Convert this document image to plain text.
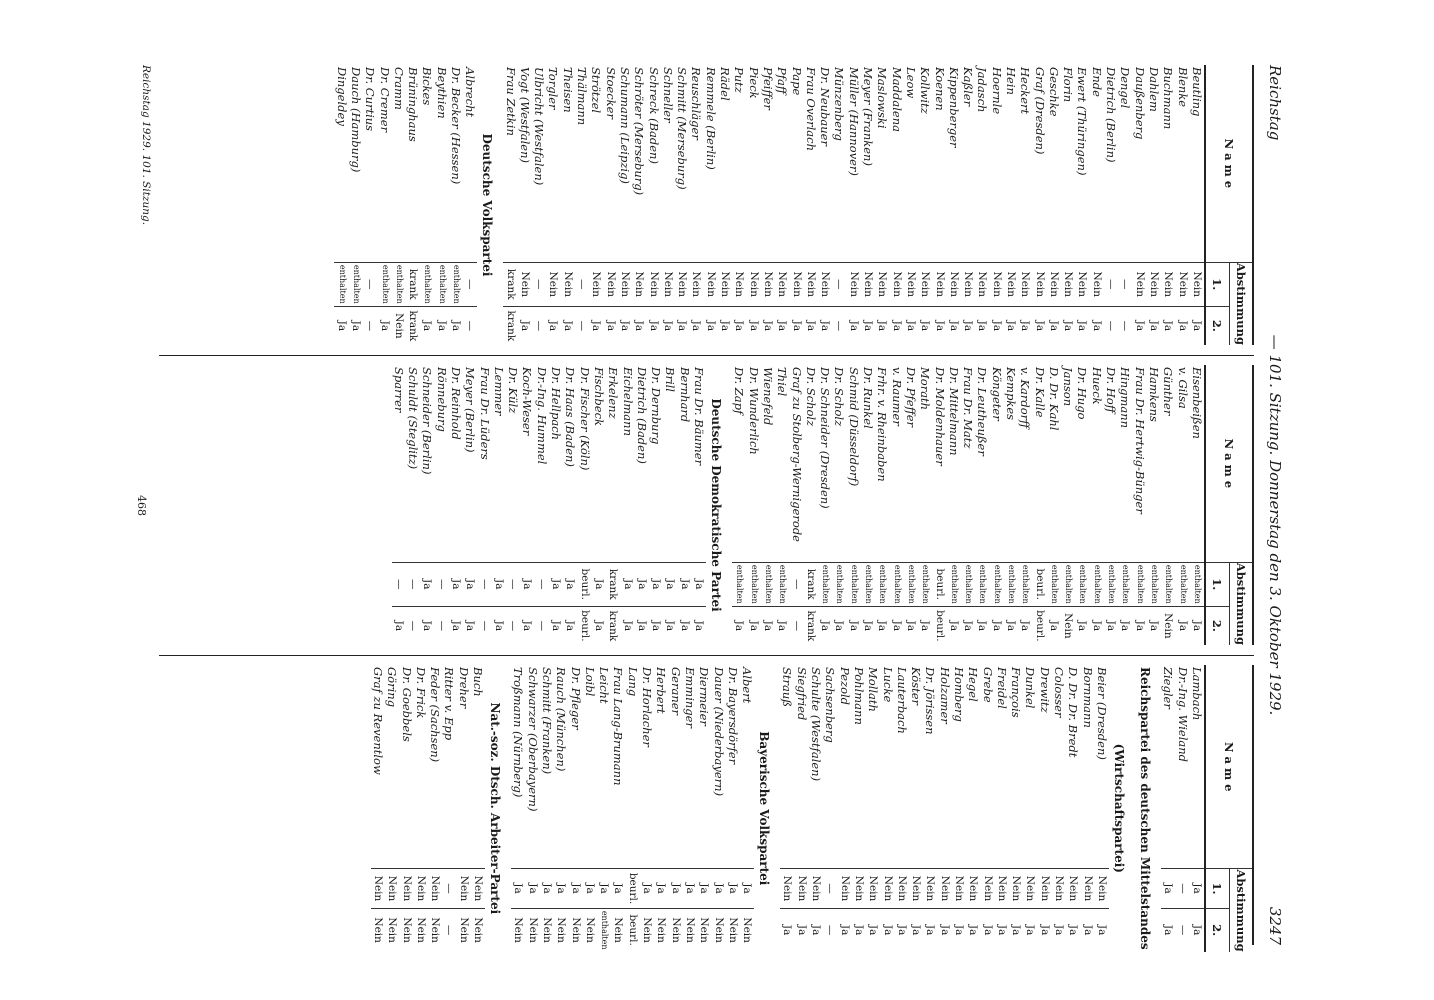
Reichstag
— 101. Sitzung. Donnerstag den 3. Oktober 1929.
3247
N a m e	Abstimmung	
	1.	2.
Beutling	Nein	Ja
Blenke	Nein	Ja
Buchmann	Nein	Ja
Dahlem	Nein	Ja
Daußenberg	Nein	Ja
Dengel	—	—
Dietrich (Berlin)	—	—
Ende	Nein	Ja
Ewert (Thüringen)	Nein	Ja
Florin	Nein	Ja
Geschke	Nein	Ja
Graf (Dresden)	Nein	Ja
Heckert	Nein	Ja
Hein	Nein	Ja
Hoernle	Nein	Ja
Jadasch	Nein	Ja
Kaßler	Nein	Ja
Kippenberger	Nein	Ja
Koenen	Nein	Ja
Kollwitz	Nein	Ja
Leow	Nein	Ja
Maddalena	Nein	Ja
Maslowski	Nein	Ja
Meyer (Franken)	Nein	Ja
Müller (Hannover)	Nein	Ja
Münzenberg	—	—
Dr. Neubauer	Nein	Ja
Frau Overlach	Nein	Ja
Pape	Nein	Ja
Pfaff	Nein	Ja
Pfeiffer	Nein	Ja
Pieck	Nein	Ja
Putz	Nein	Ja
Rädel	Nein	Ja
Remmele (Berlin)	Nein	Ja
Reuschläger	Nein	Ja
Schmitt (Merseburg)	Nein	Ja
Schneller	Nein	Ja
Schreck (Baden)	Nein	Ja
Schröter (Merseburg)	Nein	Ja
Schumann (Leipzig)	Nein	Ja
Stoecker	Nein	Ja
Strötzel	Nein	Ja
Thälmann	—	—
Theisen	Nein	Ja
Torgler	Nein	Ja
Ulbricht (Westfalen)	—	—
Vogt (Westfalen)	Nein	Ja
Frau Zetkin	krank	krank
Deutsche Volkspartei		
Albrecht	—	—
Dr. Becker (Hessen)	enthalten	Ja
Beythien	enthalten	Ja
Bickes	enthalten	Ja
Brüninghaus	krank	krank
Cramm	enthalten	Nein
Dr. Cremer	enthalten	Ja
Dr. Curtius	—	—
Dauch (Hamburg)	enthalten	Ja
Dingeldey	enthalten	Ja
N a m e	Abstimmung	
	1.	2.
Eisenbeißen	enthalten	Ja
v. Gilsa	enthalten	Ja
Günther	enthalten	Nein
Hamkens	enthalten	Ja
Frau Dr. Hertwig-Bünger	enthalten	Ja
Hingmann	enthalten	Ja
Dr. Hoff	enthalten	Ja
Hueck	enthalten	Ja
Dr. Hugo	enthalten	Ja
Janson	enthalten	Nein
D. Dr. Kahl	enthalten	Ja
Dr. Kalle	beurl.	beurl.
v. Kardorff	enthalten	Ja
Kempkes	enthalten	Ja
Köngeter	enthalten	Ja
Dr. Leutheußer	enthalten	Ja
Frau Dr. Matz	enthalten	Ja
Dr. Mittelmann	enthalten	Ja
Dr. Moldenhauer	beurl.	beurl.
Morath	enthalten	Ja
Dr. Pfeffer	enthalten	Ja
v. Raumer	enthalten	Ja
Frhr. v. Rheinbaben	enthalten	Ja
Dr. Runkel	enthalten	Ja
Schmid (Düsseldorf)	enthalten	Ja
Dr. Scholz	enthalten	Ja
Dr. Schneider (Dresden)	enthalten	Ja
Dr. Scholz	krank	krank
Graf zu Stolberg-Wernigerode	—	—
Thiel	enthalten	Ja
Wienefeld	enthalten	Ja
Dr. Wunderlich	enthalten	Ja
Dr. Zapf	enthalten	Ja
Deutsche Demokratische Partei		
Frau Dr. Bäumer	Ja	Ja
Bernhard	Ja	Ja
Brill	Ja	Ja
Dr. Dernburg	Ja	Ja
Dietrich (Baden)	Ja	Ja
Eichelmann	Ja	Ja
Erkelenz	krank	krank
Fischbeck	Ja	Ja
Dr. Fischer (Köln)	beurl.	beurl.
Dr. Haas (Baden)	Ja	Ja
Dr. Hellpach	Ja	Ja
Dr.-Ing. Hummel	—	—
Koch-Weser	Ja	Ja
Dr. Külz	—	—
Lemmer	Ja	Ja
Frau Dr. Lüders	—	—
Meyer (Berlin)	Ja	Ja
Dr. Reinhold	Ja	Ja
Rönneburg	—	—
Schneider (Berlin)	Ja	Ja
Schuldt (Steglitz)	—	—
Sparrer	—	Ja
N a m e	Abstimmung	
	1.	2.
Lambach	Ja	Ja
Dr.-Ing. Wieland	—	—
Ziegler	Ja	Ja
Reichspartei des deutschen Mittelstandes		
(Wirtschaftspartei)		
Beier (Dresden)	Nein	Ja
Bornmann	Nein	Ja
D. Dr. Dr. Bredt	Nein	Ja
Colosser	Nein	Ja
Drewitz	Nein	Ja
Dunkel	Nein	Ja
François	Nein	Ja
Freidel	Nein	Ja
Grebe	Nein	Ja
Hegel	Nein	Ja
Homberg	Nein	Ja
Holzamer	Nein	Ja
Dr. Jörissen	Nein	Ja
Köster	Nein	Ja
Lauterbach	Nein	Ja
Lucke	Nein	Ja
Mollath	Nein	Ja
Pohlmann	Nein	Ja
Pezold	Nein	Ja
Sachsenberg	—	—
Schulte (Westfalen)	Nein	Ja
Siegfried	Nein	Ja
Strauß	Nein	Ja
Bayerische Volkspartei		
Albert	Ja	Nein
Dr. Bayersdörfer	Ja	Nein
Dauer (Niederbayern)	Ja	Nein
Diermeier	Ja	Nein
Emminger	Ja	Nein
Geraner	Ja	Nein
Herbert	Ja	Nein
Dr. Horlacher	Ja	Nein
Lang	beurl.	beurl.
Frau Lang-Brumann	Ja	Nein
Leicht	Ja	enthalten
Loibl	Ja	Nein
Dr. Pfleger	Ja	Nein
Rauch (München)	Ja	Nein
Schmitt (Franken)	Ja	Nein
Schwarzer (Oberbayern)	Ja	Nein
Troßmann (Nürnberg)	Ja	Nein
Nat.-soz. Dtsch. Arbeiter-Partei		
Buch	Nein	Nein
Dreher	Nein	Nein
Ritter v. Epp	—	—
Feder (Sachsen)	Nein	Nein
Dr. Frick	Nein	Nein
Dr. Goebbels	Nein	Nein
Göring	Nein	Nein
Graf zu Reventlow	Nein	Nein
Reichstag 1929. 101. Sitzung.
468
